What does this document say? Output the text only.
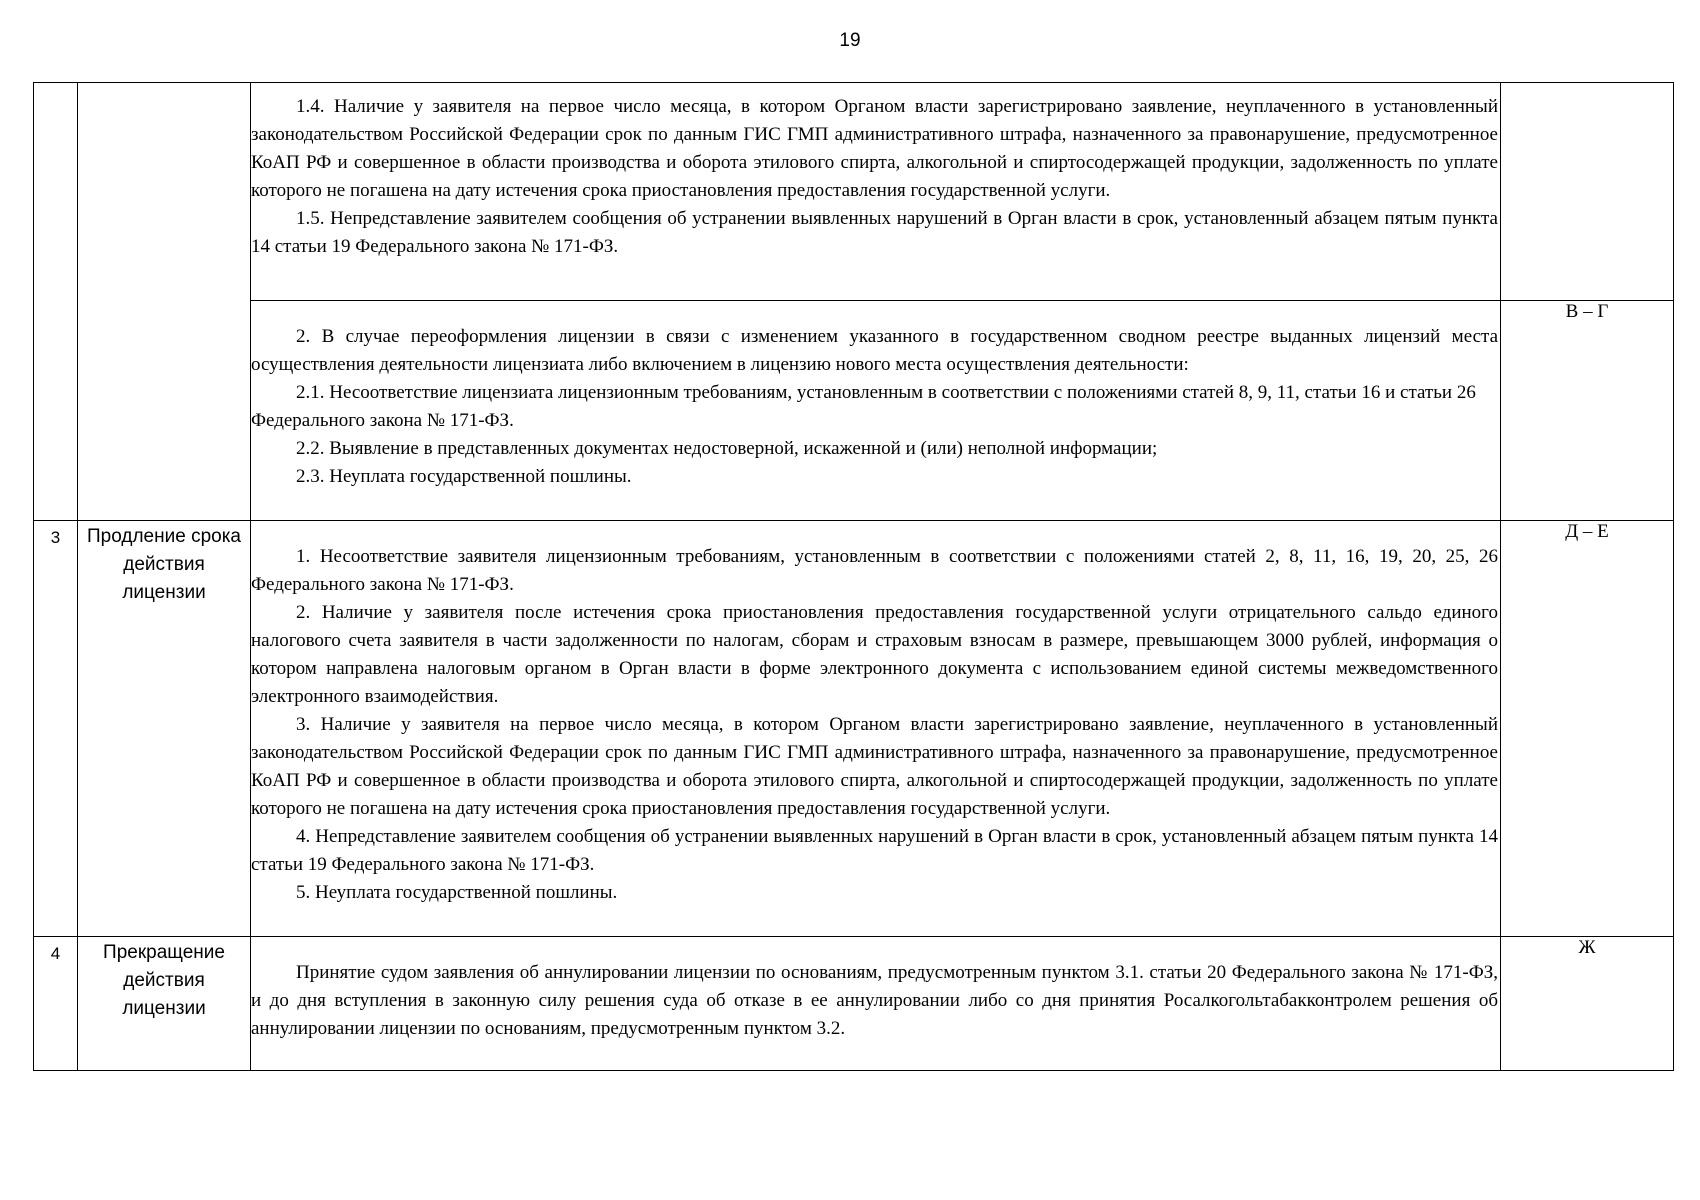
19

		1.4. Наличие у заявителя на первое число месяца, в котором Органом власти зарегистрировано заявление, неуплаченного в установленный законодательством Российской Федерации срок по данным ГИС ГМП административного штрафа, назначенного за правонарушение, предусмотренное КоАП РФ и совершенное в области производства и оборота этилового спирта, алкогольной и спиртосодержащей продукции, задолженность по уплате которого не погашена на дату истечения срока приостановления предоставления государственной услуги.

1.5. Непредставление заявителем сообщения об устранении выявленных нарушений в Орган власти в срок, установленный абзацем пятым пункта 14 статьи 19 Федерального закона № 171-ФЗ.	

		2. В случае переоформления лицензии в связи с изменением указанного в государственном сводном реестре выданных лицензий места осуществления деятельности лицензиата либо включением в лицензию нового места осуществления деятельности:

2.1. Несоответствие лицензиата лицензионным требованиям, установленным в соответствии с положениями статей 8, 9, 11, статьи 16 и статьи 26 Федерального закона № 171-ФЗ.

2.2. Выявление в представленных документах недостоверной, искаженной и (или) неполной информации;

2.3. Неуплата государственной пошлины.	В – Г
3	Продление срока действия лицензии	1. Несоответствие заявителя лицензионным требованиям, установленным в соответствии с положениями статей 2, 8, 11, 16, 19, 20, 25, 26 Федерального закона № 171-ФЗ.

2. Наличие у заявителя после истечения срока приостановления предоставления государственной услуги отрицательного сальдо единого налогового счета заявителя в части задолженности по налогам, сборам и страховым взносам в размере, превышающем 3000 рублей, информация о котором направлена налоговым органом в Орган власти в форме электронного документа с использованием единой системы межведомственного электронного взаимодействия.

3. Наличие у заявителя на первое число месяца, в котором Органом власти зарегистрировано заявление, неуплаченного в установленный законодательством Российской Федерации срок по данным ГИС ГМП административного штрафа, назначенного за правонарушение, предусмотренное КоАП РФ и совершенное в области производства и оборота этилового спирта, алкогольной и спиртосодержащей продукции, задолженность по уплате которого не погашена на дату истечения срока приостановления предоставления государственной услуги.

4. Непредставление заявителем сообщения об устранении выявленных нарушений в Орган власти в срок, установленный абзацем пятым пункта 14 статьи 19 Федерального закона № 171-ФЗ.

5. Неуплата государственной пошлины.	Д – Е
4	Прекращение действия лицензии	Принятие судом заявления об аннулировании лицензии по основаниям, предусмотренным пунктом 3.1. статьи 20 Федерального закона № 171-ФЗ, и до дня вступления в законную силу решения суда об отказе в ее аннулировании либо со дня принятия Росалкогольтабакконтролем решения об аннулировании лицензии по основаниям, предусмотренным пунктом 3.2.	Ж
